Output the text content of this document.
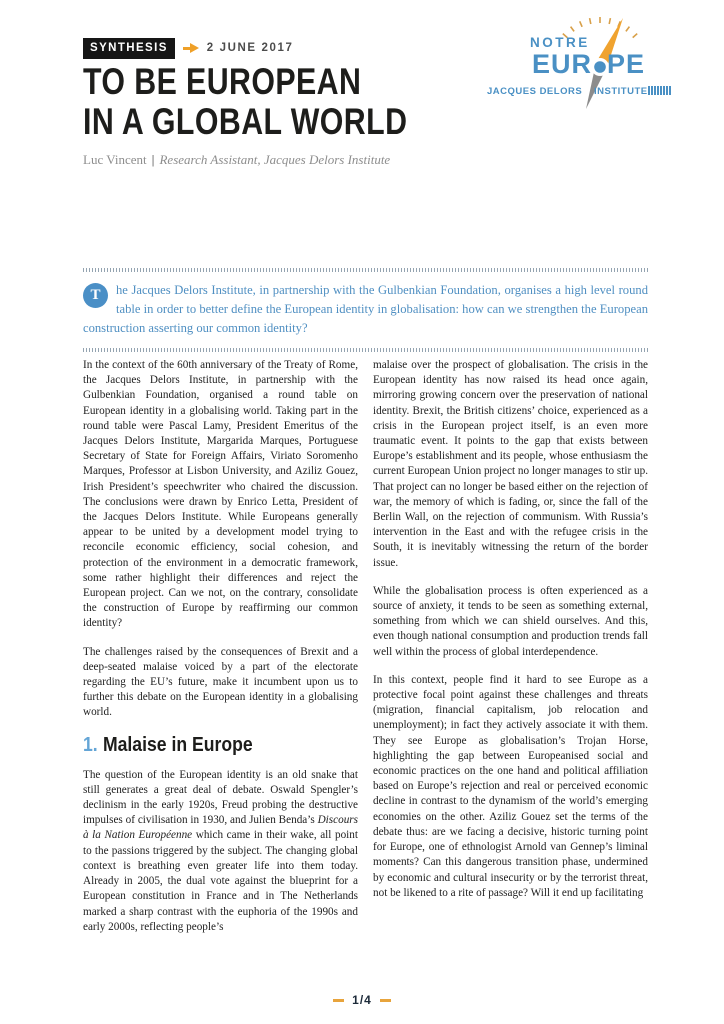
SYNTHESIS	2 JUNE 2017
TO BE EUROPEAN
IN A GLOBAL WORLD
Luc Vincent | Research Assistant, Jacques Delors Institute
NOTRE
EUR PE
JACQUES DELORS INSTITUTE

T	he Jacques Delors Institute, in partnership with the Gulbenkian Foundation, organises a high level round table in order to better define the European identity in globalisation: how can we strengthen the European construction asserting our common identity?

In the context of the 60th anniversary of the Treaty of Rome, the Jacques Delors Institute, in partnership with the Gulbenkian Foundation, organised a round table on European identity in a globalising world. Taking part in the round table were Pascal Lamy, President Emeritus of the Jacques Delors Institute, Margarida Marques, Portuguese Secretary of State for Foreign Affairs, Viriato Soromenho Marques, Professor at Lisbon University, and Aziliz Gouez, Irish President’s speechwriter who chaired the discussion. The conclusions were drawn by Enrico Letta, President of the Jacques Delors Institute. While Europeans generally appear to be united by a development model trying to reconcile economic efficiency, social cohesion, and protection of the environment in a democratic framework, some rather highlight their differences and reject the European project. Can we not, on the contrary, consolidate the construction of Europe by reaffirming our common identity?

The challenges raised by the consequences of Brexit and a deep-seated malaise voiced by a part of the electorate regarding the EU’s future, make it incumbent upon us to further this debate on the European identity in a globalising world.

1. Malaise in Europe

The question of the European identity is an old snake that still generates a great deal of debate. Oswald Spengler’s declinism in the early 1920s, Freud probing the destructive impulses of civilisation in 1930, and Julien Benda’s Discours à la Nation Européenne which came in their wake, all point to the passions triggered by the subject. The changing global context is breathing even greater life into them today. Already in 2005, the dual vote against the blueprint for a European constitution in France and in The Netherlands marked a sharp contrast with the euphoria of the 1990s and early 2000s, reflecting people’s

malaise over the prospect of globalisation. The crisis in the European identity has now raised its head once again, mirroring growing concern over the preservation of national identity. Brexit, the British citizens’ choice, experienced as a crisis in the European project itself, is an even more traumatic event. It points to the gap that exists between Europe’s establishment and its people, whose enthusiasm the current European Union project no longer manages to stir up. That project can no longer be based either on the rejection of war, the memory of which is fading, or, since the fall of the Berlin Wall, on the rejection of communism. With Russia’s intervention in the East and with the refugee crisis in the South, it is inevitably witnessing the return of the border issue.

While the globalisation process is often experienced as a source of anxiety, it tends to be seen as something external, something from which we can shield ourselves. And this, even though national consumption and production trends fall well within the process of global interdependence.

In this context, people find it hard to see Europe as a protective focal point against these challenges and threats (migration, financial capitalism, job relocation and unemployment); in fact they actively associate it with them. They see Europe as globalisation’s Trojan Horse, highlighting the gap between Europeanised social and economic practices on the one hand and political affiliation based on Europe’s rejection and real or perceived economic decline in contrast to the dynamism of the world’s emerging economies on the other. Aziliz Gouez set the terms of the debate thus: are we facing a decisive, historic turning point for Europe, one of ethnologist Arnold van Gennep’s liminal moments? Can this dangerous transition phase, undermined by economic and cultural insecurity or by the terrorist threat, not be likened to a rite of passage? Will it end up facilitating

1/4
